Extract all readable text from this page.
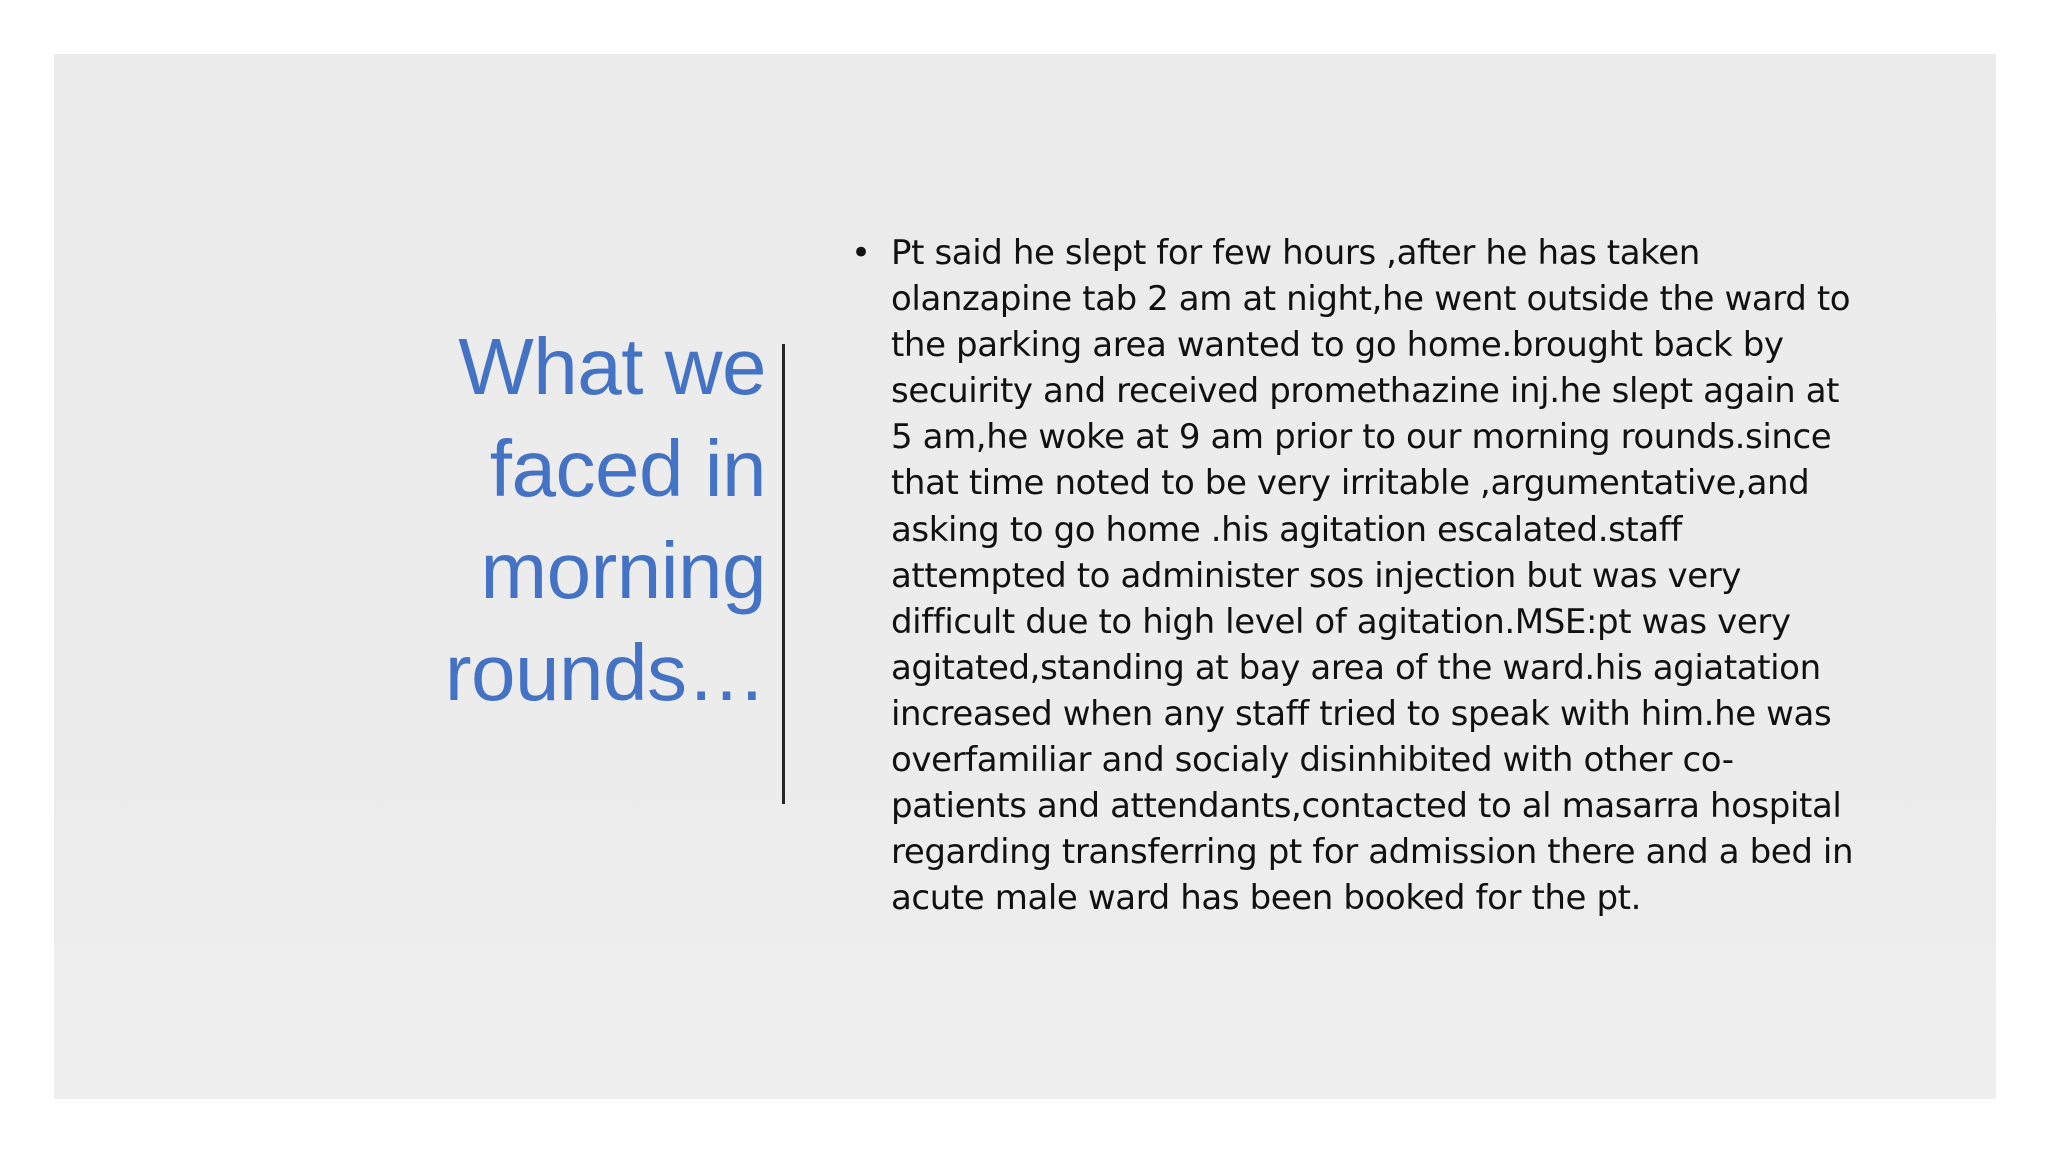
What we
faced in
morning
rounds…
• Pt said he slept for few hours ,after he has taken
olanzapine tab 2 am at night,he went outside the ward to
the parking area wanted to go home.brought back by
secuirity and received promethazine inj.he slept again at
5 am,he woke at 9 am prior to our morning rounds.since
that time noted to be very irritable ,argumentative,and
asking to go home .his agitation escalated.staff
attempted to administer sos injection but was very
difficult due to high level of agitation.MSE:pt was very
agitated,standing at bay area of the ward.his agiatation
increased when any staff tried to speak with him.he was
overfamiliar and socialy disinhibited with other co-
patients and attendants,contacted to al masarra hospital
regarding transferring pt for admission there and a bed in
acute male ward has been booked for the pt.
